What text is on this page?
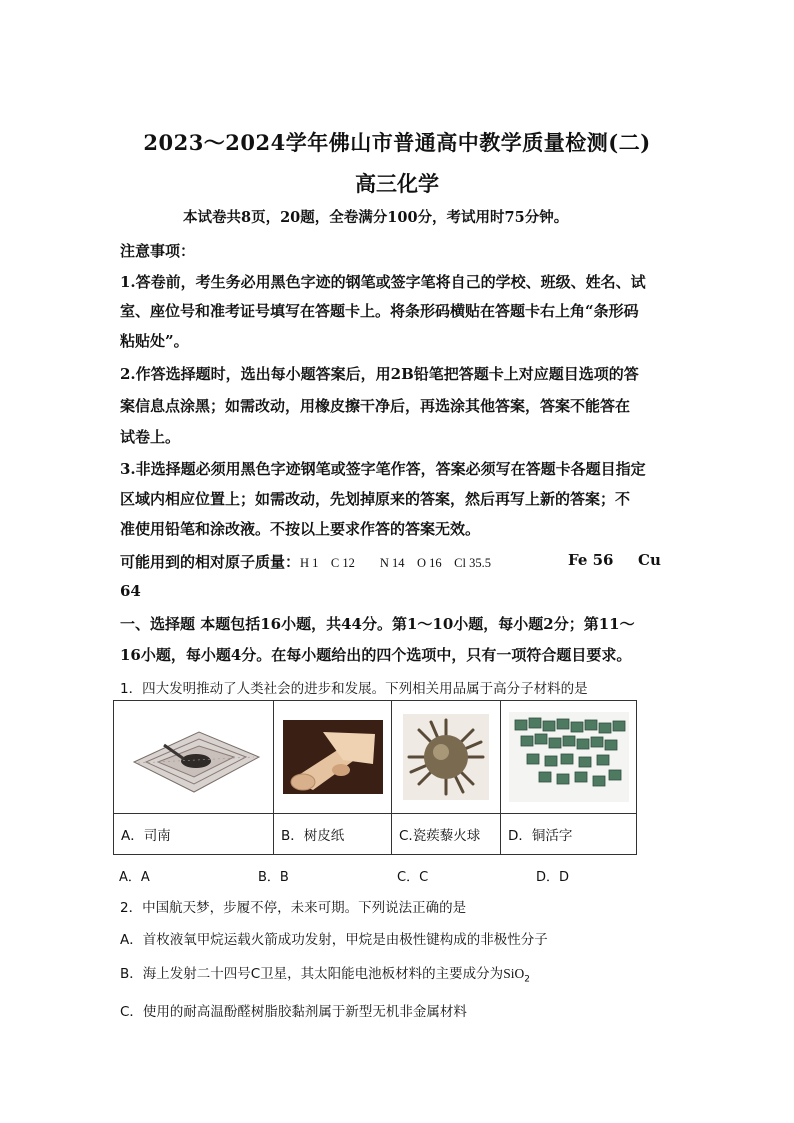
2023～2024学年佛山市普通高中教学质量检测(二)
高三化学
本试卷共8页，20题，全卷满分100分，考试用时75分钟。
注意事项：
1.答卷前，考生务必用黑色字迹的钢笔或签字笔将自己的学校、班级、姓名、试
室、座位号和准考证号填写在答题卡上。将条形码横贴在答题卡右上角“条形码
粘贴处”。
2.作答选择题时，选出每小题答案后，用2B铅笔把答题卡上对应题目选项的答
案信息点涂黑；如需改动，用橡皮擦干净后，再选涂其他答案，答案不能答在
试卷上。
3.非选择题必须用黑色字迹钢笔或签字笔作答，答案必须写在答题卡各题目指定
区域内相应位置上；如需改动，先划掉原来的答案，然后再写上新的答案；不
准使用铅笔和涂改液。不按以上要求作答的答案无效。
可能用到的相对原子质量：H 1　C 12　　N 14　O 16　Cl 35.5	Fe 56 Cu
64
一、选择题 本题包括16小题，共44分。第1～10小题，每小题2分；第11～
16小题，每小题4分。在每小题给出的四个选项中，只有一项符合题目要求。
1．四大发明推动了人类社会的进步和发展。下列相关用品属于高分子材料的是

A．司南	B．树皮纸	C.瓷蒺藜火球	D．铜活字
A．A	B．B	C．C	D．D
2．中国航天梦，步履不停，未来可期。下列说法正确的是
A．首枚液氧甲烷运载火箭成功发射，甲烷是由极性键构成的非极性分子
B．海上发射二十四号C卫星，其太阳能电池板材料的主要成分为SiO$_2$
C．使用的耐高温酚醛树脂胶黏剂属于新型无机非金属材料
